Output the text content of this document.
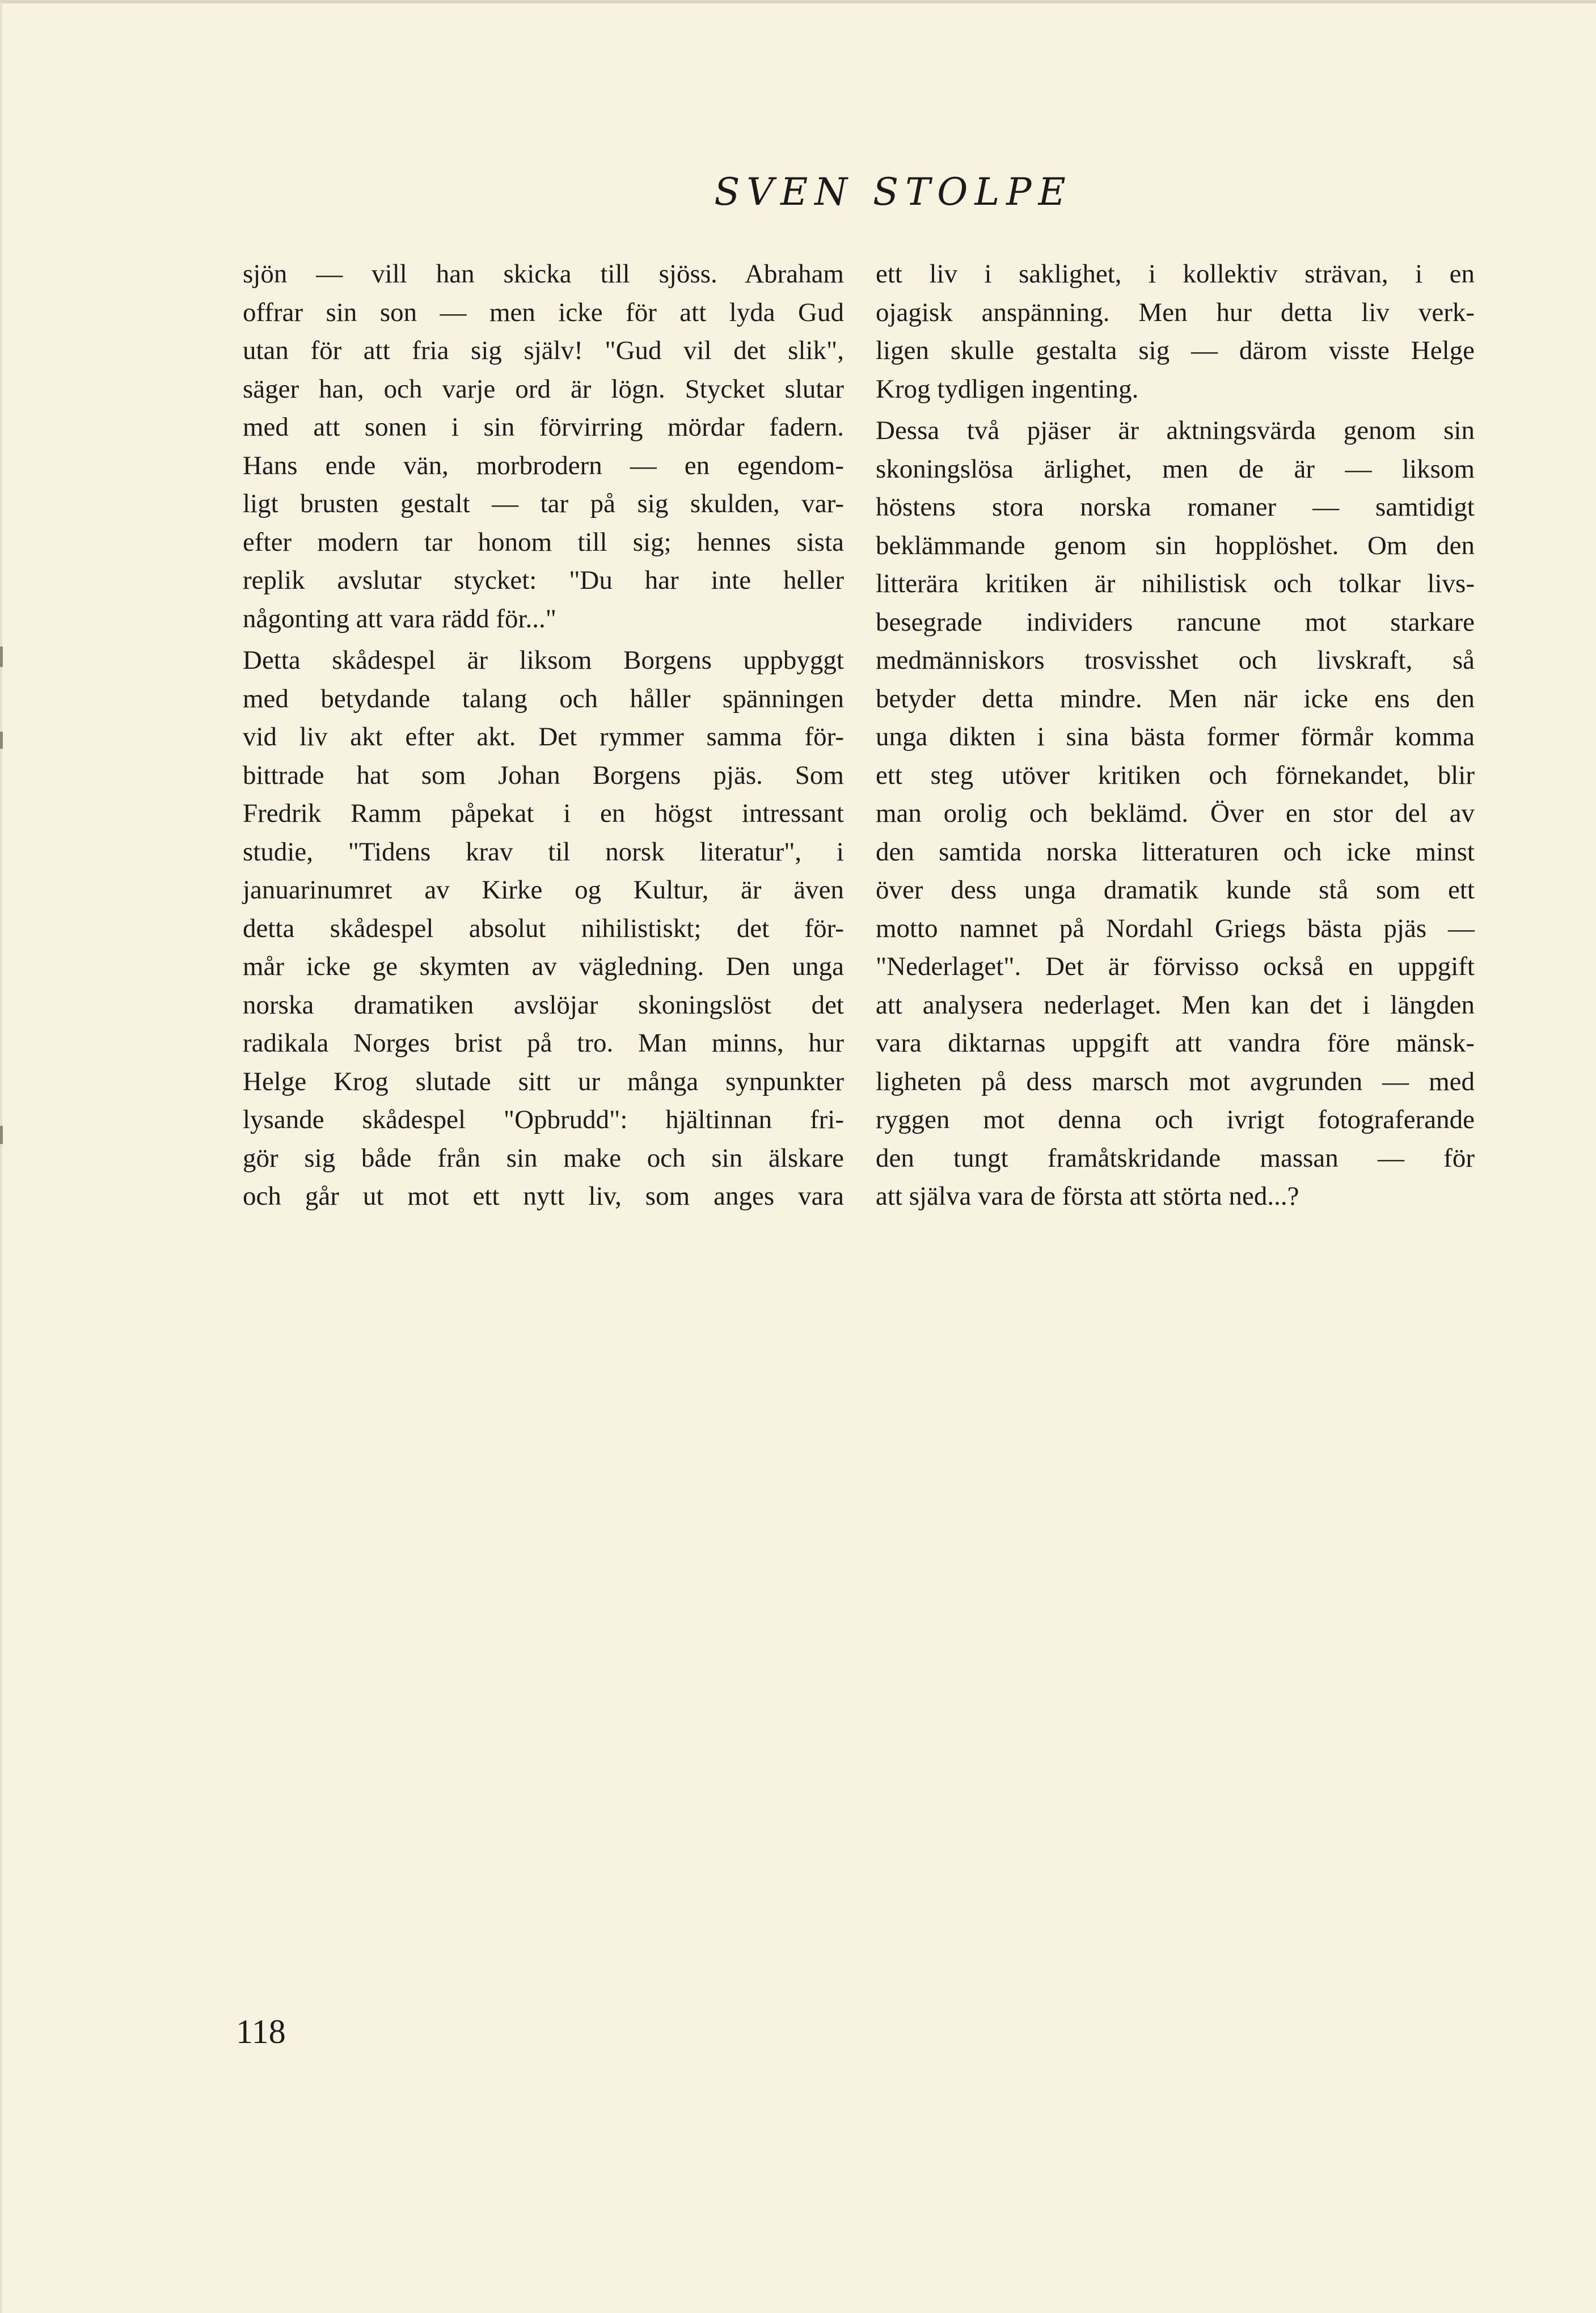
SVEN STOLPE
sjön — vill han skicka till sjöss. Abraham
offrar sin son — men icke för att lyda Gud
utan för att fria sig själv! "Gud vil det slik",
säger han, och varje ord är lögn. Stycket slutar
med att sonen i sin förvirring mördar fadern.
Hans ende vän, morbrodern — en egendom-
ligt brusten gestalt — tar på sig skulden, var-
efter modern tar honom till sig; hennes sista
replik avslutar stycket: "Du har inte heller
någonting att vara rädd för..."
Detta skådespel är liksom Borgens uppbyggt
med betydande talang och håller spänningen
vid liv akt efter akt. Det rymmer samma för-
bittrade hat som Johan Borgens pjäs. Som
Fredrik Ramm påpekat i en högst intressant
studie, "Tidens krav til norsk literatur", i
januarinumret av Kirke og Kultur, är även
detta skådespel absolut nihilistiskt; det för-
mår icke ge skymten av vägledning. Den unga
norska dramatiken avslöjar skoningslöst det
radikala Norges brist på tro. Man minns, hur
Helge Krog slutade sitt ur många synpunkter
lysande skådespel "Opbrudd": hjältinnan fri-
gör sig både från sin make och sin älskare
och går ut mot ett nytt liv, som anges vara
ett liv i saklighet, i kollektiv strävan, i en
ojagisk anspänning. Men hur detta liv verk-
ligen skulle gestalta sig — därom visste Helge
Krog tydligen ingenting.
Dessa två pjäser är aktningsvärda genom sin
skoningslösa ärlighet, men de är — liksom
höstens stora norska romaner — samtidigt
beklämmande genom sin hopplöshet. Om den
litterära kritiken är nihilistisk och tolkar livs-
besegrade individers rancune mot starkare
medmänniskors trosvisshet och livskraft, så
betyder detta mindre. Men när icke ens den
unga dikten i sina bästa former förmår komma
ett steg utöver kritiken och förnekandet, blir
man orolig och beklämd. Över en stor del av
den samtida norska litteraturen och icke minst
över dess unga dramatik kunde stå som ett
motto namnet på Nordahl Griegs bästa pjäs —
"Nederlaget". Det är förvisso också en uppgift
att analysera nederlaget. Men kan det i längden
vara diktarnas uppgift att vandra före mänsk-
ligheten på dess marsch mot avgrunden — med
ryggen mot denna och ivrigt fotograferande
den tungt framåtskridande massan — för
att själva vara de första att störta ned...?
118
